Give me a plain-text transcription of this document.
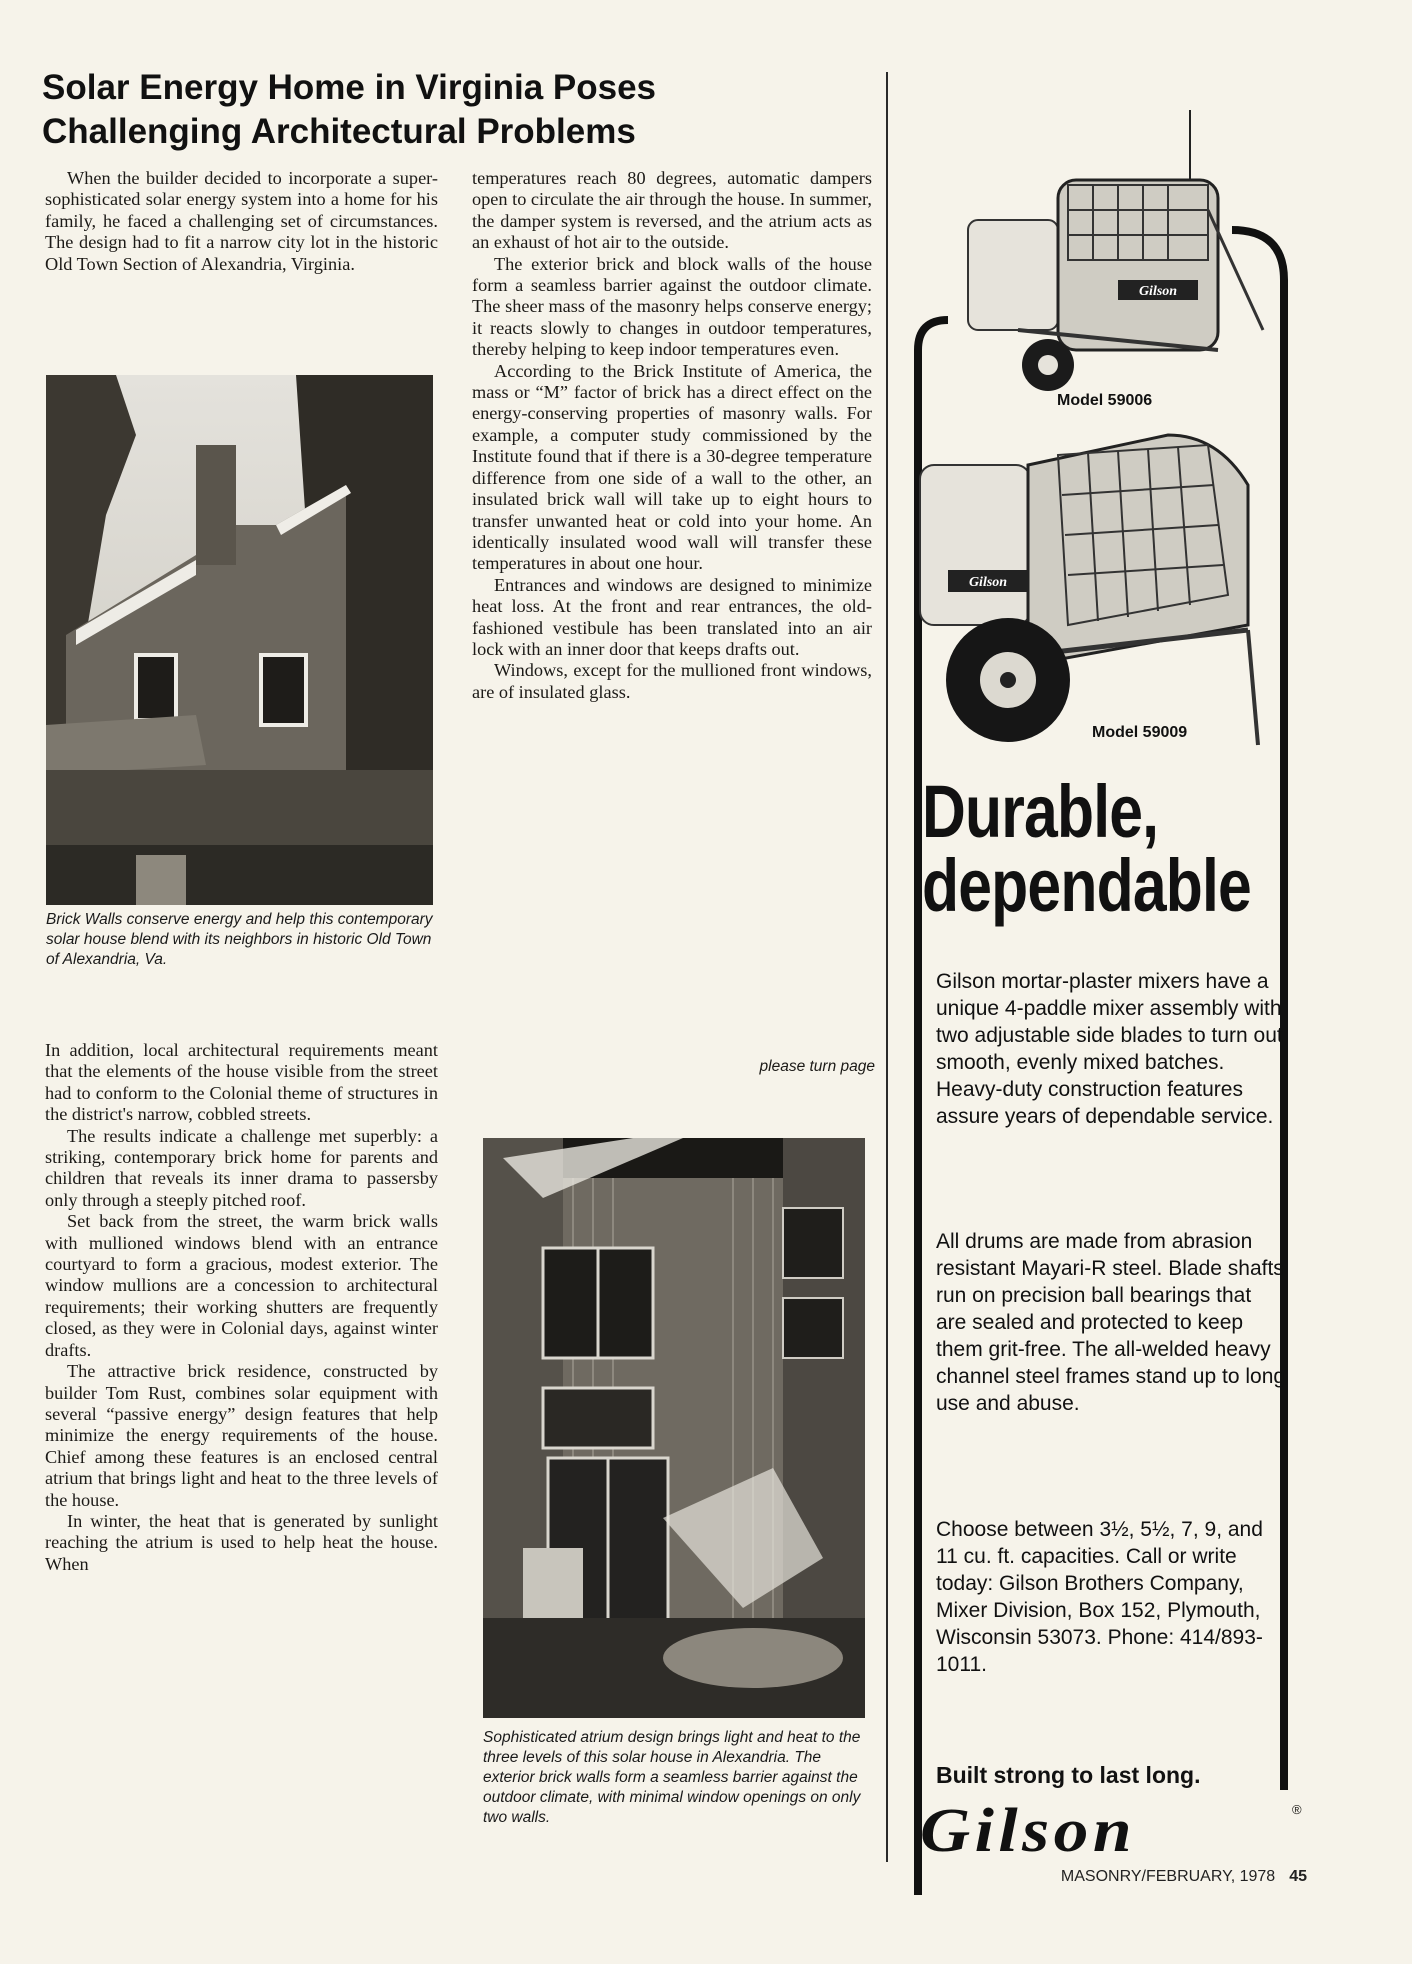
Solar Energy Home in Virginia Poses
Challenging Architectural Problems

When the builder decided to incorporate a super-sophisticated solar energy system into a home for his family, he faced a challenging set of circumstances. The design had to fit a narrow city lot in the historic Old Town Section of Alexandria, Virginia.

Brick Walls conserve energy and help this contemporary solar house blend with its neighbors in historic Old Town of Alexandria, Va.

In addition, local architectural requirements meant that the elements of the house visible from the street had to conform to the Colonial theme of structures in the district's narrow, cobbled streets.

The results indicate a challenge met superbly: a striking, contemporary brick home for parents and children that reveals its inner drama to passersby only through a steeply pitched roof.

Set back from the street, the warm brick walls with mullioned windows blend with an entrance courtyard to form a gracious, modest exterior. The window mullions are a concession to architectural requirements; their working shutters are frequently closed, as they were in Colonial days, against winter drafts.

The attractive brick residence, constructed by builder Tom Rust, combines solar equipment with several “passive energy” design features that help minimize the energy requirements of the house. Chief among these features is an enclosed central atrium that brings light and heat to the three levels of the house.

In winter, the heat that is generated by sunlight reaching the atrium is used to help heat the house. When

temperatures reach 80 degrees, automatic dampers open to circulate the air through the house. In summer, the damper system is reversed, and the atrium acts as an exhaust of hot air to the outside.

The exterior brick and block walls of the house form a seamless barrier against the outdoor climate. The sheer mass of the masonry helps conserve energy; it reacts slowly to changes in outdoor temperatures, thereby helping to keep indoor temperatures even.

According to the Brick Institute of America, the mass or “M” factor of brick has a direct effect on the energy-conserving properties of masonry walls. For example, a computer study commissioned by the Institute found that if there is a 30-degree temperature difference from one side of a wall to the other, an insulated brick wall will take up to eight hours to transfer unwanted heat or cold into your home. An identically insulated wood wall will transfer these temperatures in about one hour.

Entrances and windows are designed to minimize heat loss. At the front and rear entrances, the old-fashioned vestibule has been translated into an air lock with an inner door that keeps drafts out.

Windows, except for the mullioned front windows, are of insulated glass.

please turn page
Sophisticated atrium design brings light and heat to the three levels of this solar house in Alexandria. The exterior brick walls form a seamless barrier against the outdoor climate, with minimal window openings on only two walls.
Gilson
Model 59006
Gilson
Model 59009
Durable,
dependable
Gilson mortar-plaster mixers have a unique 4-paddle mixer assembly with two adjustable side blades to turn out smooth, evenly mixed batches. Heavy-duty construction features assure years of dependable service.
All drums are made from abrasion resistant Mayari-R steel. Blade shafts run on precision ball bearings that are sealed and protected to keep them grit-free. The all-welded heavy channel steel frames stand up to long use and abuse.
Choose between 3½, 5½, 7, 9, and 11 cu. ft. capacities. Call or write today: Gilson Brothers Company, Mixer Division, Box 152, Plymouth, Wisconsin 53073. Phone: 414/893-1011.
Built strong to last long.
Gilson	®
MASONRY/FEBRUARY, 1978 45
